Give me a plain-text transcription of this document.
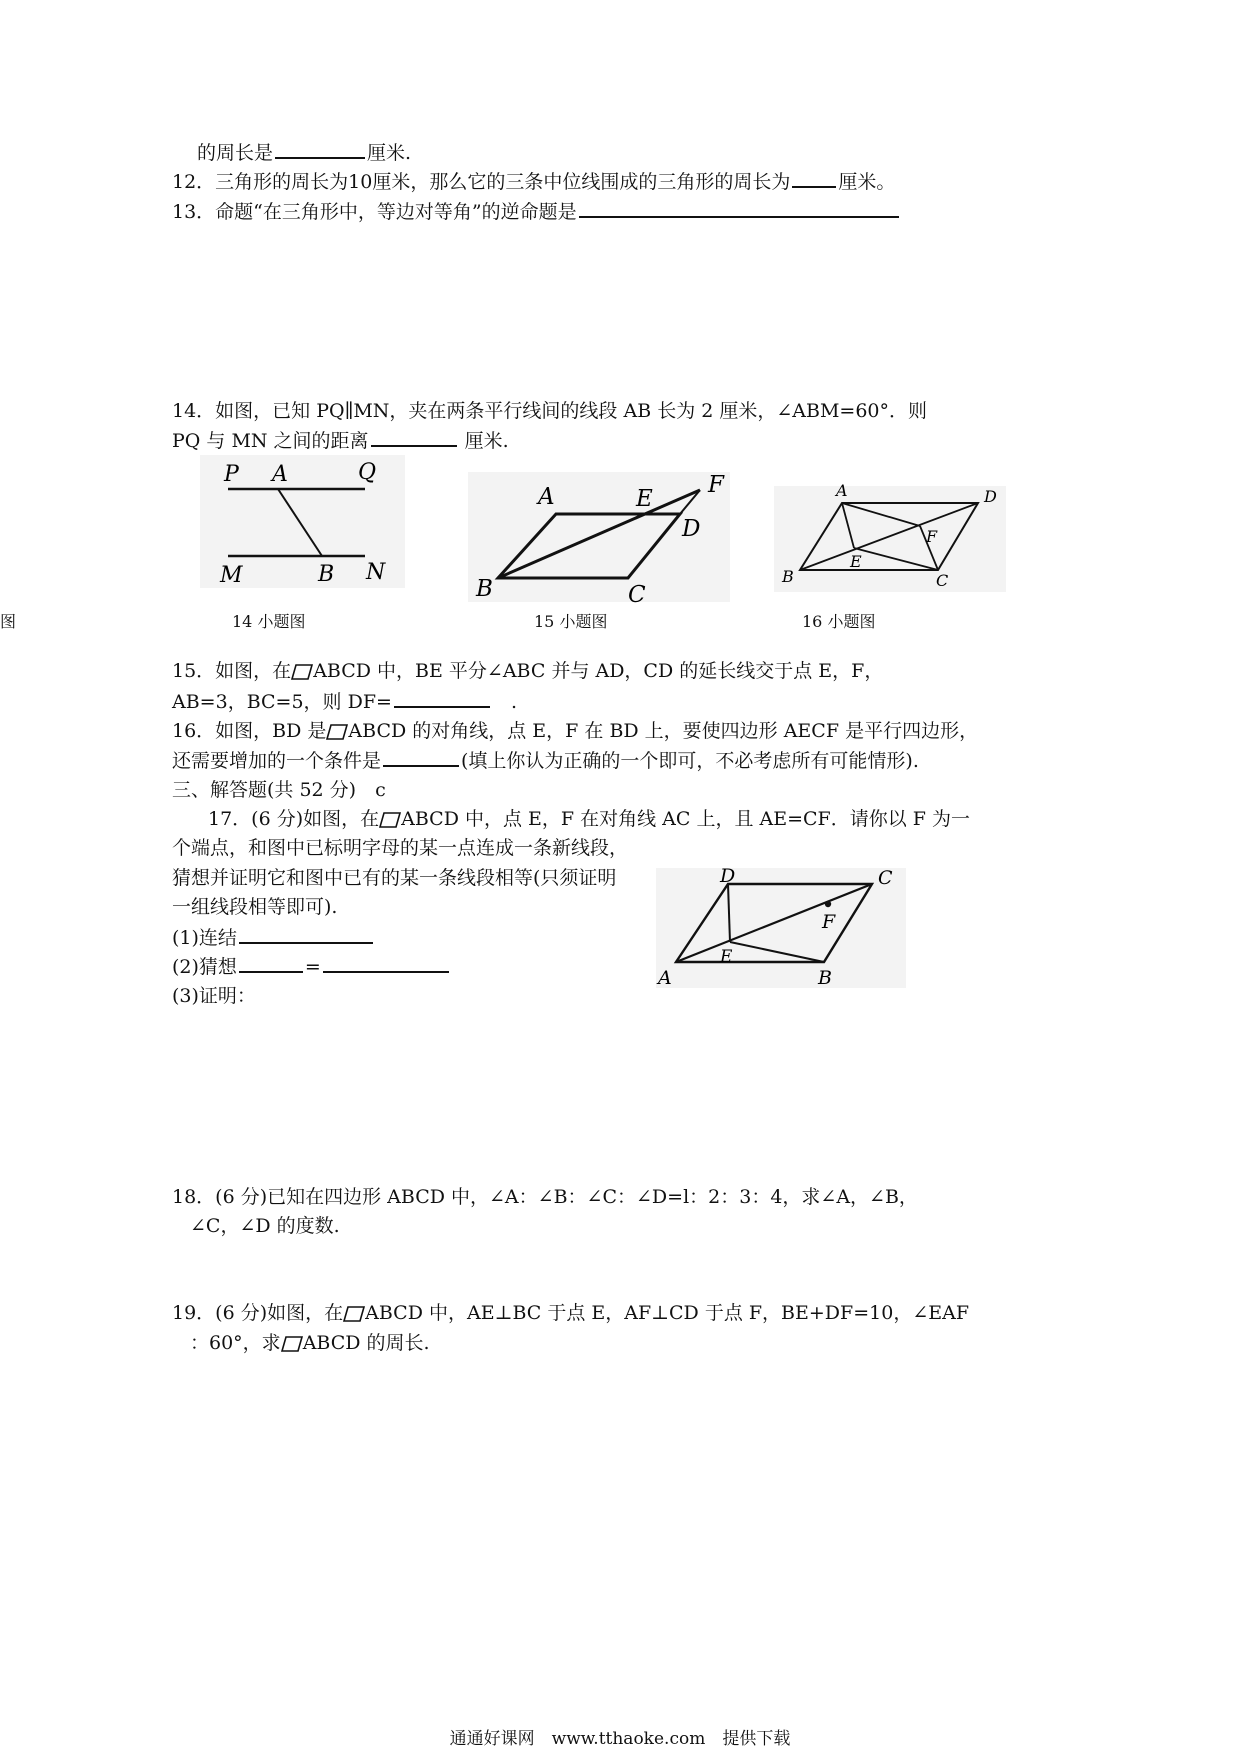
的周长是	厘米.
12．三角形的周长为10厘米，那么它的三条中位线围成的三角形的周长为	厘米。
13．命题“在三角形中，等边对等角”的逆命题是
14．如图，已知 PQ∥MN，夹在两条平行线间的线段 AB 长为 2 厘米，∠ABM=60°．则
PQ 与 MN 之间的距离	厘米.
P A	Q
M	B N
A	E
F
D
B	C
A	D
F
E
B	C
图	14 小题图	15 小题图	16 小题图
15．如图，在 ABCD 中，BE 平分∠ABC 并与 AD，CD 的延长线交于点 E，F，
AB=3，BC=5，则 DF=　	.
16．如图，BD 是 ABCD 的对角线，点 E，F 在 BD 上，要使四边形 AECF 是平行四边形，
还需要增加的一个条件是	(填上你认为正确的一个即可，不必考虑所有可能情形).
三、解答题(共 52 分)　c
17．(6 分)如图，在 ABCD 中，点 E，F 在对角线 AC 上，且 AE=CF．请你以 F 为一
个端点，和图中已标明字母的某一点连成一条新线段，
猜想并证明它和图中已有的某一条线段相等(只须证明
一组线段相等即可).
(1)连结
(2)猜想	=
(3)证明：
D	C
F
E
A	B
18．(6 分)已知在四边形 ABCD 中，∠A：∠B：∠C：∠D=l：2：3：4，求∠A，∠B，
∠C，∠D 的度数.
19．(6 分)如图，在 ABCD 中，AE⊥BC 于点 E，AF⊥CD 于点 F，BE+DF=10，∠EAF
：60°，求 ABCD 的周长.
通通好课网　www.tthaoke.com　提供下载
